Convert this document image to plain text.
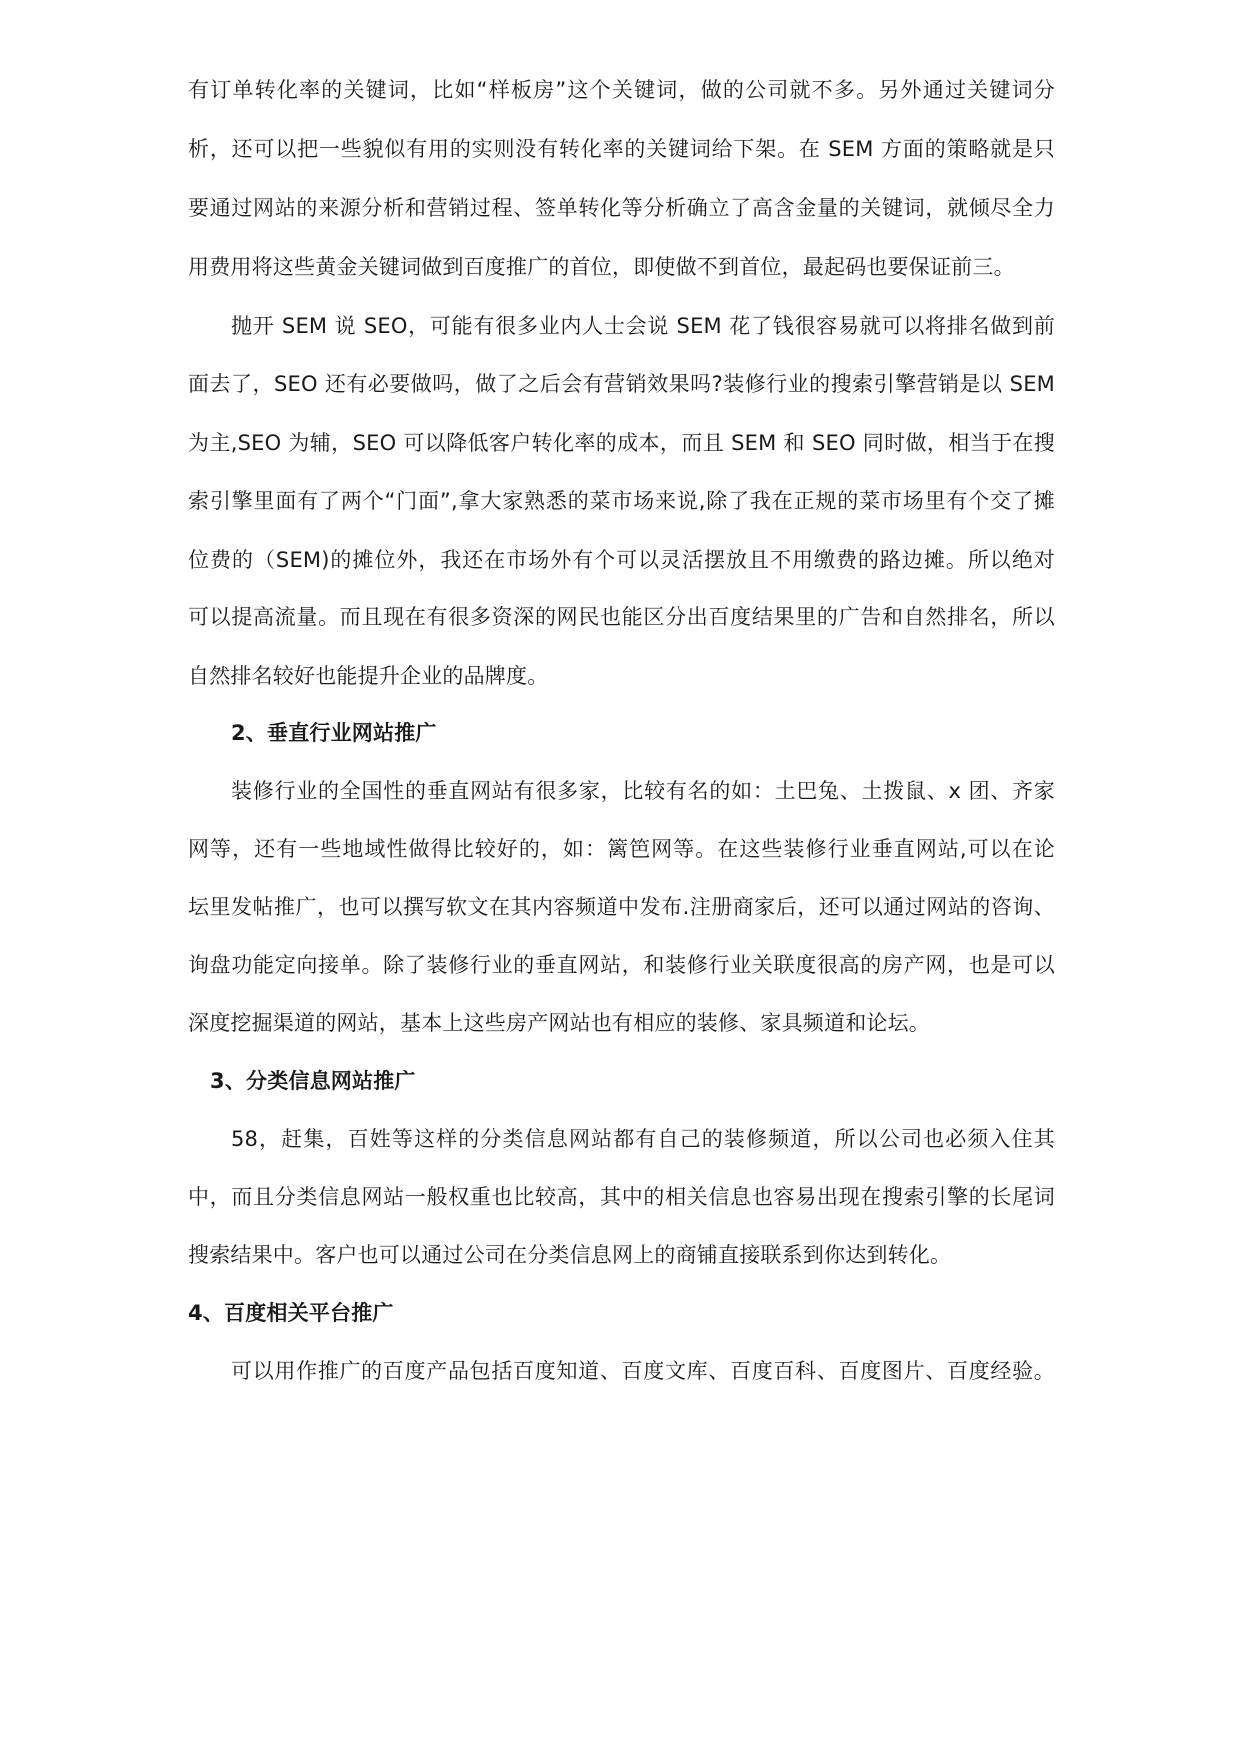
有订单转化率的关键词，比如“样板房”这个关键词，做的公司就不多。另外通过关键词分
析，还可以把一些貌似有用的实则没有转化率的关键词给下架。在 SEM 方面的策略就是只
要通过网站的来源分析和营销过程、签单转化等分析确立了高含金量的关键词，就倾尽全力
用费用将这些黄金关键词做到百度推广的首位，即使做不到首位，最起码也要保证前三。
抛开 SEM 说 SEO，可能有很多业内人士会说 SEM 花了钱很容易就可以将排名做到前
面去了，SEO 还有必要做吗，做了之后会有营销效果吗?装修行业的搜索引擎营销是以 SEM
为主,SEO 为辅，SEO 可以降低客户转化率的成本，而且 SEM 和 SEO 同时做，相当于在搜
索引擎里面有了两个“门面”,拿大家熟悉的菜市场来说,除了我在正规的菜市场里有个交了摊
位费的（SEM)的摊位外，我还在市场外有个可以灵活摆放且不用缴费的路边摊。所以绝对
可以提高流量。而且现在有很多资深的网民也能区分出百度结果里的广告和自然排名，所以
自然排名较好也能提升企业的品牌度。
2、垂直行业网站推广
装修行业的全国性的垂直网站有很多家，比较有名的如：土巴兔、土拨鼠、x 团、齐家
网等，还有一些地域性做得比较好的，如：篱笆网等。在这些装修行业垂直网站,可以在论
坛里发帖推广，也可以撰写软文在其内容频道中发布.注册商家后，还可以通过网站的咨询、
询盘功能定向接单。除了装修行业的垂直网站，和装修行业关联度很高的房产网，也是可以
深度挖掘渠道的网站，基本上这些房产网站也有相应的装修、家具频道和论坛。
3、分类信息网站推广
58，赶集，百姓等这样的分类信息网站都有自己的装修频道，所以公司也必须入住其
中，而且分类信息网站一般权重也比较高，其中的相关信息也容易出现在搜索引擎的长尾词
搜索结果中。客户也可以通过公司在分类信息网上的商铺直接联系到你达到转化。
4、百度相关平台推广
可以用作推广的百度产品包括百度知道、百度文库、百度百科、百度图片、百度经验。
